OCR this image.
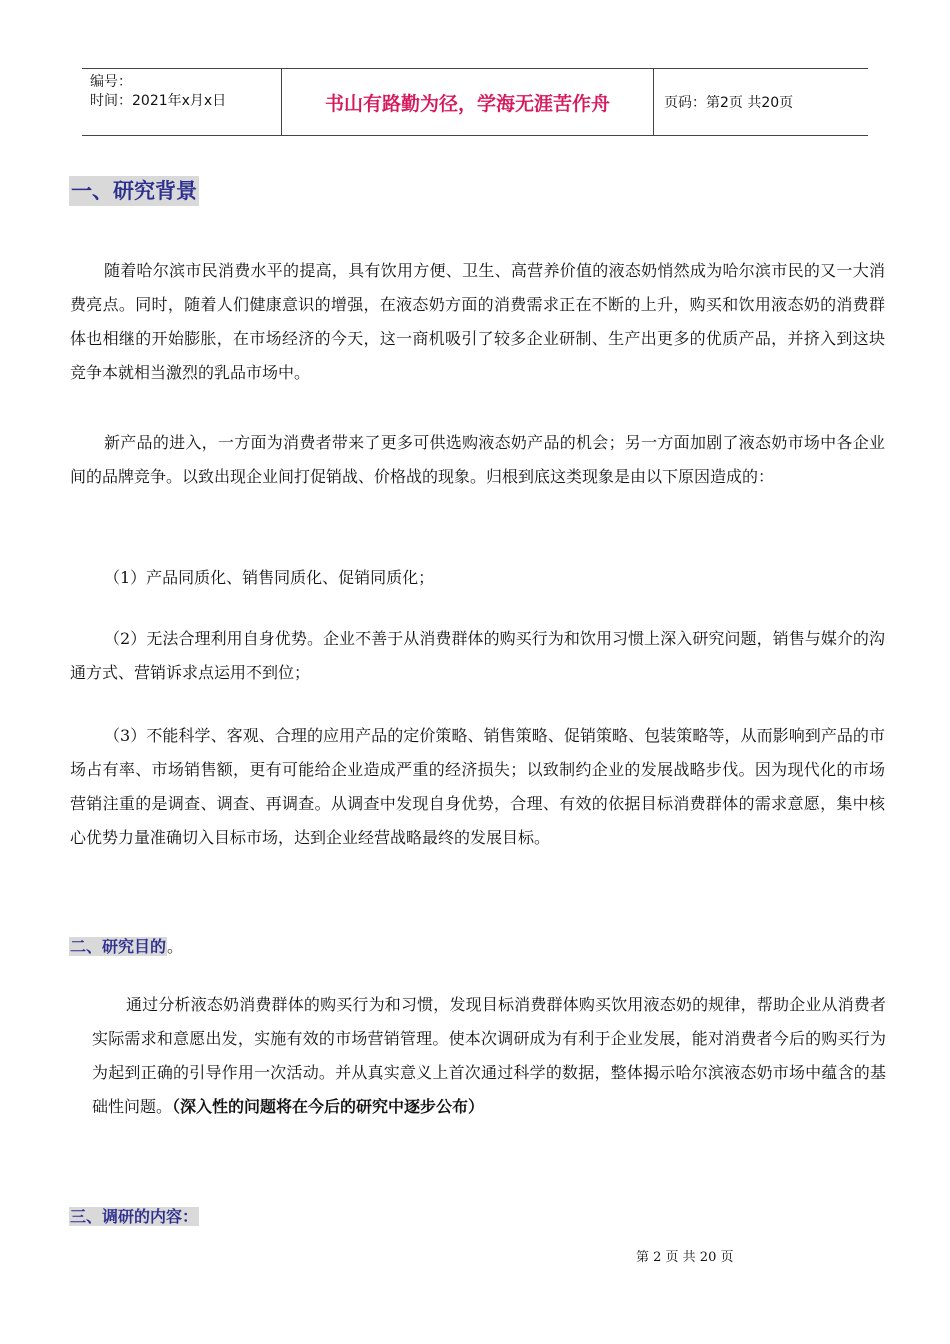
编号：
时间：2021年x月x日	书山有路勤为径，学海无涯苦作舟	页码：第2页 共20页
一、研究背景

随着哈尔滨市民消费水平的提高，具有饮用方便、卫生、高营养价值的液态奶悄然成为哈尔滨市民的又一大消费亮点。同时，随着人们健康意识的增强，在液态奶方面的消费需求正在不断的上升，购买和饮用液态奶的消费群体也相继的开始膨胀，在市场经济的今天，这一商机吸引了较多企业研制、生产出更多的优质产品，并挤入到这块竞争本就相当激烈的乳品市场中。

新产品的进入，一方面为消费者带来了更多可供选购液态奶产品的机会；另一方面加剧了液态奶市场中各企业间的品牌竞争。以致出现企业间打促销战、价格战的现象。归根到底这类现象是由以下原因造成的：

（1）产品同质化、销售同质化、促销同质化；

（2）无法合理利用自身优势。企业不善于从消费群体的购买行为和饮用习惯上深入研究问题，销售与媒介的沟通方式、营销诉求点运用不到位；

（3）不能科学、客观、合理的应用产品的定价策略、销售策略、促销策略、包装策略等，从而影响到产品的市场占有率、市场销售额，更有可能给企业造成严重的经济损失；以致制约企业的发展战略步伐。因为现代化的市场营销注重的是调查、调查、再调查。从调查中发现自身优势，合理、有效的依据目标消费群体的需求意愿，集中核心优势力量准确切入目标市场，达到企业经营战略最终的发展目标。

二、研究目的。

通过分析液态奶消费群体的购买行为和习惯，发现目标消费群体购买饮用液态奶的规律，帮助企业从消费者实际需求和意愿出发，实施有效的市场营销管理。使本次调研成为有利于企业发展，能对消费者今后的购买行为为起到正确的引导作用一次活动。并从真实意义上首次通过科学的数据，整体揭示哈尔滨液态奶市场中蕴含的基础性问题。（深入性的问题将在今后的研究中逐步公布）

三、调研的内容：
第 2 页 共 20 页
